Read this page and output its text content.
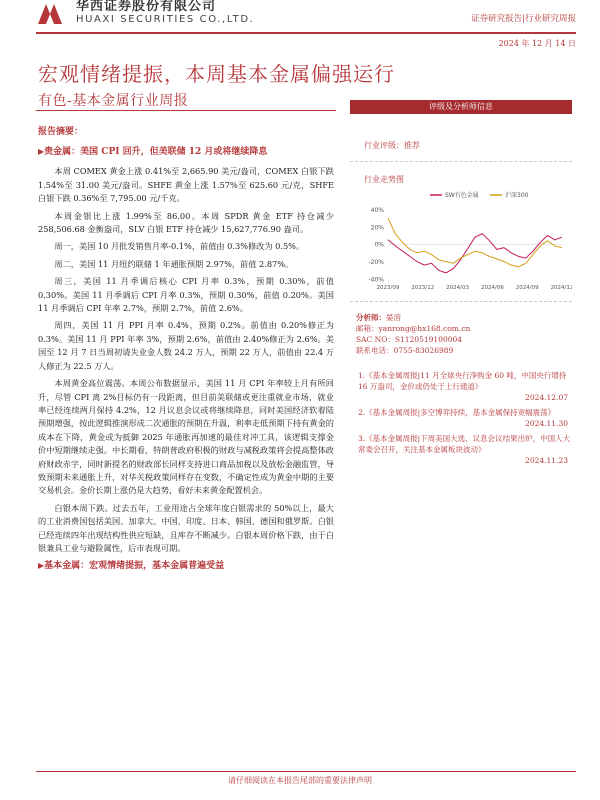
华西证券股份有限公司
HUAXI SECURITIES CO.,LTD.	证券研究报告|行业研究周报
2024 年 12 月 14 日
宏观情绪提振，本周基本金属偏强运行
有色-基本金属行业周报
报告摘要：
▶贵金属：美国 CPI 回升，但美联储 12 月或将继续降息

本周 COMEX 黄金上涨 0.41%至 2,665.90 美元/盎司，COMEX 白银下跌 1.54%至 31.00 美元/盎司。SHFE 黄金上涨 1.57%至 625.60 元/克，SHFE 白银下跌 0.36%至 7,795.00 元/千克。

本周金银比上涨 1.99%至 86.00。本周 SPDR 黄金 ETF 持仓减少 258,506.68 金衡盎司，SLV 白银 ETF 持仓减少 15,627,776.90 盎司。

周一，美国 10 月批发销售月率-0.1%，前值由 0.3%修改为 0.5%。

周二，美国 11 月纽约联储 1 年通胀预期 2.97%，前值 2.87%。

周三，美国 11 月季调后核心 CPI 月率 0.3%，预期 0.30%，前值 0.30%。美国 11 月季调后 CPI 月率 0.3%，预期 0.30%，前值 0.20%。美国 11 月季调后 CPI 年率 2.7%，预期 2.7%，前值 2.6%。

周四，美国 11 月 PPI 月率 0.4%，预期 0.2%。前值由 0.20%修正为 0.3%。美国 11 月 PPI 年率 3%，预期 2.6%，前值由 2.40%修正为 2.6%。美国至 12 月 7 日当周初请失业金人数 24.2 万人，预期 22 万人，前值由 22.4 万人修正为 22.5 万人。

本周黄金高位震荡。本周公布数据显示，美国 11 月 CPI 年率较上月有所回升，尽管 CPI 离 2%目标仍有一段距离，但目前美联储或更注重就业市场，就业率已经连续两月保持 4.2%，12 月议息会议或将继续降息，同时美国经济软着陆预期增强，按此逻辑推演形成二次通胀的预期在升温，利率走低预期下持有黄金的成本在下降，黄金或为抵御 2025 年通胀再加速的最佳对冲工具，该逻辑支撑金价中短期继续走强。中长期看，特朗普政府积极的财政与减税政策将会提高整体政府财政赤字，同时新提名的财政部长同样支持进口商品加税以及放松金融监管，导致预期未来通胀上升，对华关税政策同样存在变数，不确定性成为黄金中期的主要交易机会。金价长期上涨仍是大趋势，看好未来黄金配置机会。

白银本周下跌。过去五年，工业用途占全球年度白银需求的 50%以上，最大的工业消费国包括美国、加拿大、中国、印度、日本、韩国、德国和俄罗斯。白银已经连续四年出现结构性供应短缺，且库存不断减少。白银本周价格下跌，由于白银兼具工业与避险属性，后市表现可期。

▶基本金属：宏观情绪提振，基本金属普遍受益
评级及分析师信息
行业评级：推荐
行业走势图
40%
20%
0%
-20%
-40%
2023/09 2023/12 2024/03 2024/06 2024/09 2024/12
SW有色金属	沪深300
分析师：晏溶
邮箱：yanrong@hx168.com.cn
SAC NO：S1120519100004
联系电话：0755-83026989
1.《基本金属周报|11 月全球央行净购金 60 吨，中国央行增持 16 万盎司，金价或仍处于上行通道》
2024.12.07
2.《基本金属周报|多空博弈持续，基本金属保持宽幅震荡》
2024.11.30
3.《基本金属周报|下周美国大选、议息会议结果出炉，中国人大常委会召开，关注基本金属板块波动》
2024.11.23
请仔细阅读在本报告尾部的重要法律声明
